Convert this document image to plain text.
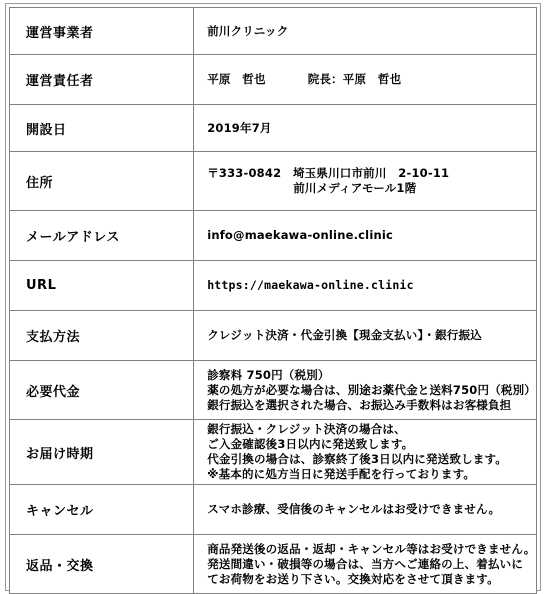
運営事業者	前川クリニック

運営責任者	平原　哲也 院長：平原　哲也

開設日	2019年7月

住所	〒333-0842　埼玉県川口市前川　2-10-11
前川メディアモール1階

メールアドレス	info@maekawa-online.clinic

URL	https://maekawa-online.clinic

支払方法	クレジット決済・代金引換【現金支払い】・銀行振込

必要代金	診察料 750円（税別）
薬の処方が必要な場合は、別途お薬代金と送料750円（税別）
銀行振込を選択された場合、お振込み手数料はお客様負担

お届け時期	銀行振込・クレジット決済の場合は、
ご入金確認後3日以内に発送致します。
代金引換の場合は、診察終了後3日以内に発送致します。
※基本的に処方当日に発送手配を行っております。

キャンセル	スマホ診療、受信後のキャンセルはお受けできません。

返品・交換	商品発送後の返品・返却・キャンセル等はお受けできません。
発送間違い・破損等の場合は、当方へご連絡の上、着払いに
てお荷物をお送り下さい。交換対応をさせて頂きます。
